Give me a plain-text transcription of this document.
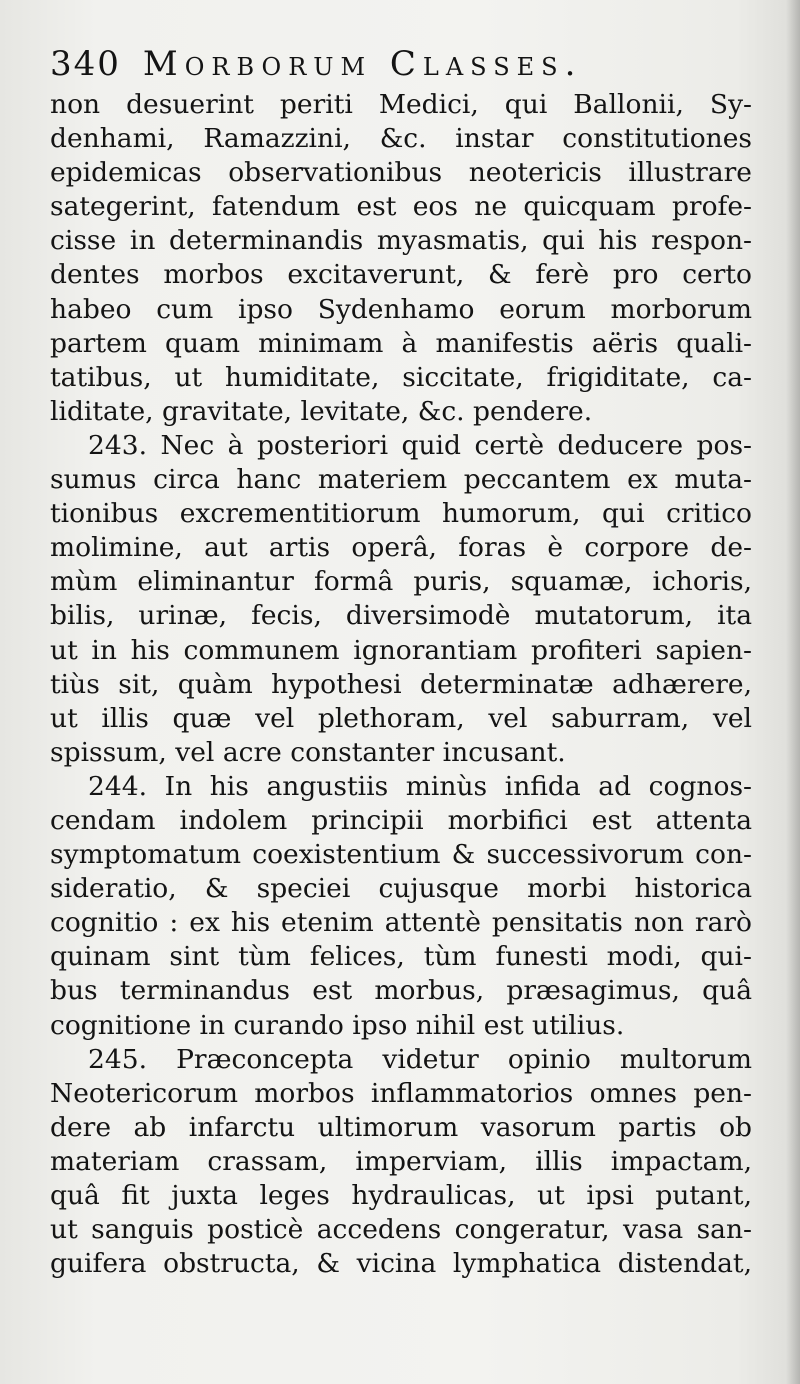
340 Morborum Classes.
non desuerint periti Medici, qui Ballonii, Sy-
denhami, Ramazzini, &c. instar constitutiones
epidemicas observationibus neotericis illustrare
sategerint, fatendum est eos ne quicquam profe-
cisse in determinandis myasmatis, qui his respon-
dentes morbos excitaverunt, & ferè pro certo
habeo cum ipso Sydenhamo eorum morborum
partem quam minimam à manifestis aëris quali-
tatibus, ut humiditate, siccitate, frigiditate, ca-
liditate, gravitate, levitate, &c. pendere.
243. Nec à posteriori quid certè deducere pos-
sumus circa hanc materiem peccantem ex muta-
tionibus excrementitiorum humorum, qui critico
molimine, aut artis operâ, foras è corpore de-
mùm eliminantur formâ puris, squamæ, ichoris,
bilis, urinæ, fecis, diversimodè mutatorum, ita
ut in his communem ignorantiam profiteri sapien-
tiùs sit, quàm hypothesi determinatæ adhærere,
ut illis quæ vel plethoram, vel saburram, vel
spissum, vel acre constanter incusant.
244. In his angustiis minùs infida ad cognos-
cendam indolem principii morbifici est attenta
symptomatum coexistentium & successivorum con-
sideratio, & speciei cujusque morbi historica
cognitio : ex his etenim attentè pensitatis non rarò
quinam sint tùm felices, tùm funesti modi, qui-
bus terminandus est morbus, præsagimus, quâ
cognitione in curando ipso nihil est utilius.
245. Præconcepta videtur opinio multorum
Neotericorum morbos inflammatorios omnes pen-
dere ab infarctu ultimorum vasorum partis ob
materiam crassam, imperviam, illis impactam,
quâ fit juxta leges hydraulicas, ut ipsi putant,
ut sanguis posticè accedens congeratur, vasa san-
guifera obstructa, & vicina lymphatica distendat,
